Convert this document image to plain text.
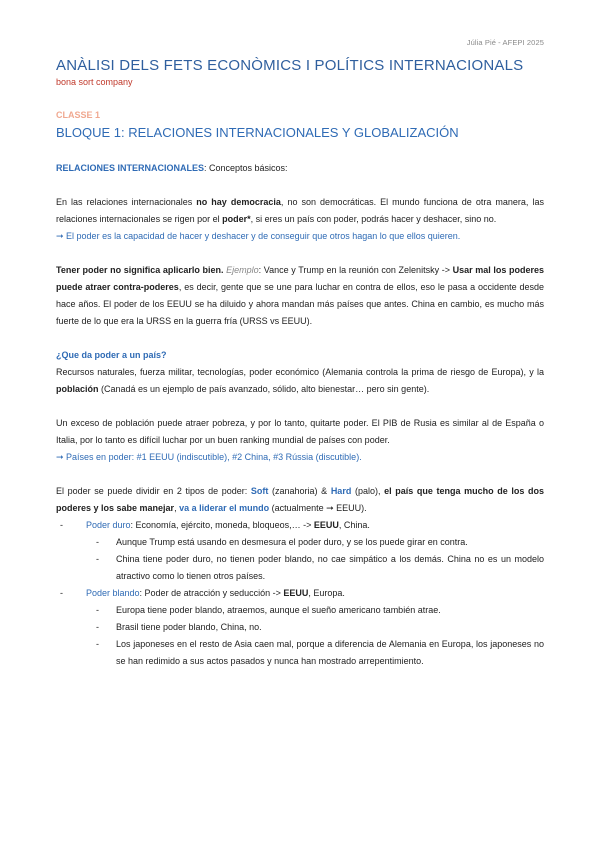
Júlia Pié - AFEPI 2025
ANÀLISI DELS FETS ECONÒMICS I POLÍTICS INTERNACIONALS
bona sort company
CLASSE 1
BLOQUE 1: RELACIONES INTERNACIONALES Y GLOBALIZACIÓN

RELACIONES INTERNACIONALES: Conceptos básicos:

En las relaciones internacionales no hay democracia, no son democráticas. El mundo funciona de otra manera, las relaciones internacionales se rigen por el poder*, si eres un país con poder, podrás hacer y deshacer, sino no.

➞ El poder es la capacidad de hacer y deshacer y de conseguir que otros hagan lo que ellos quieren.

Tener poder no significa aplicarlo bien. Ejemplo: Vance y Trump en la reunión con Zelenitsky -> Usar mal los poderes puede atraer contra-poderes, es decir, gente que se une para luchar en contra de ellos, eso le pasa a occidente desde hace años. El poder de los EEUU se ha diluido y ahora mandan más países que antes. China en cambio, es mucho más fuerte de lo que era la URSS en la guerra fría (URSS vs EEUU).

¿Que da poder a un país?

Recursos naturales, fuerza militar, tecnologías, poder económico (Alemania controla la prima de riesgo de Europa), y la población (Canadá es un ejemplo de país avanzado, sólido, alto bienestar… pero sin gente).

Un exceso de población puede atraer pobreza, y por lo tanto, quitarte poder. El PIB de Rusia es similar al de España o Italia, por lo tanto es difícil luchar por un buen ranking mundial de países con poder.

➞ Países en poder: #1 EEUU (indiscutible), #2 China, #3 Rússia (discutible).

El poder se puede dividir en 2 tipos de poder: Soft (zanahoria) & Hard (palo), el país que tenga mucho de los dos poderes y los sabe manejar, va a liderar el mundo (actualmente ➞ EEUU).

-	Poder duro: Economía, ejército, moneda, bloqueos,… -> EEUU, China.
- Aunque Trump está usando en desmesura el poder duro, y se los puede girar en contra.
- China tiene poder duro, no tienen poder blando, no cae simpático a los demás. China no es un modelo atractivo como lo tienen otros países.
-	Poder blando: Poder de atracción y seducción -> EEUU, Europa.
- Europa tiene poder blando, atraemos, aunque el sueño americano también atrae.
- Brasil tiene poder blando, China, no.
- Los japoneses en el resto de Asia caen mal, porque a diferencia de Alemania en Europa, los japoneses no se han redimido a sus actos pasados y nunca han mostrado arrepentimiento.
